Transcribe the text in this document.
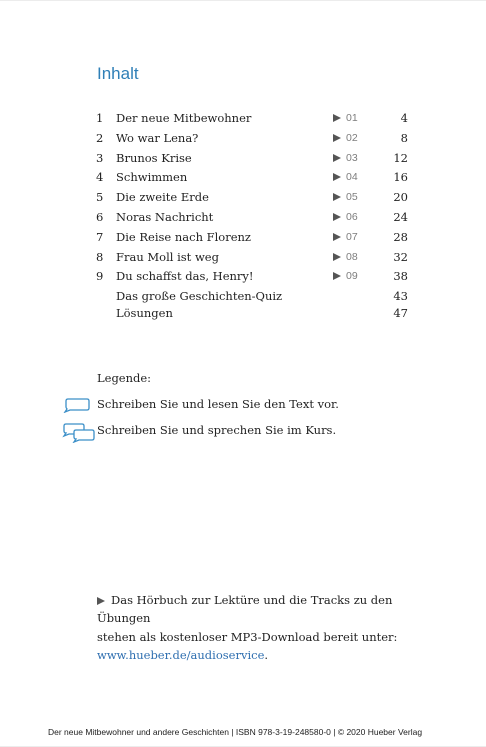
Inhalt
1	Der neue Mitbewohner	01	4
2	Wo war Lena?	02	8
3	Brunos Krise	03	12
4	Schwimmen	04	16
5	Die zweite Erde	05	20
6	Noras Nachricht	06	24
7	Die Reise nach Florenz	07	28
8	Frau Moll ist weg	08	32
9	Du schaffst das, Henry!	09	38
Das große Geschichten-Quiz	43
Lösungen	47
Legende:
Schreiben Sie und lesen Sie den Text vor.
Schreiben Sie und sprechen Sie im Kurs.
Das Hörbuch zur Lektüre und die Tracks zu den Übungen
stehen als kostenloser MP3-Download bereit unter:
www.hueber.de/audioservice.
Der neue Mitbewohner und andere Geschichten | ISBN 978-3-19-248580-0 | © 2020 Hueber Verlag
